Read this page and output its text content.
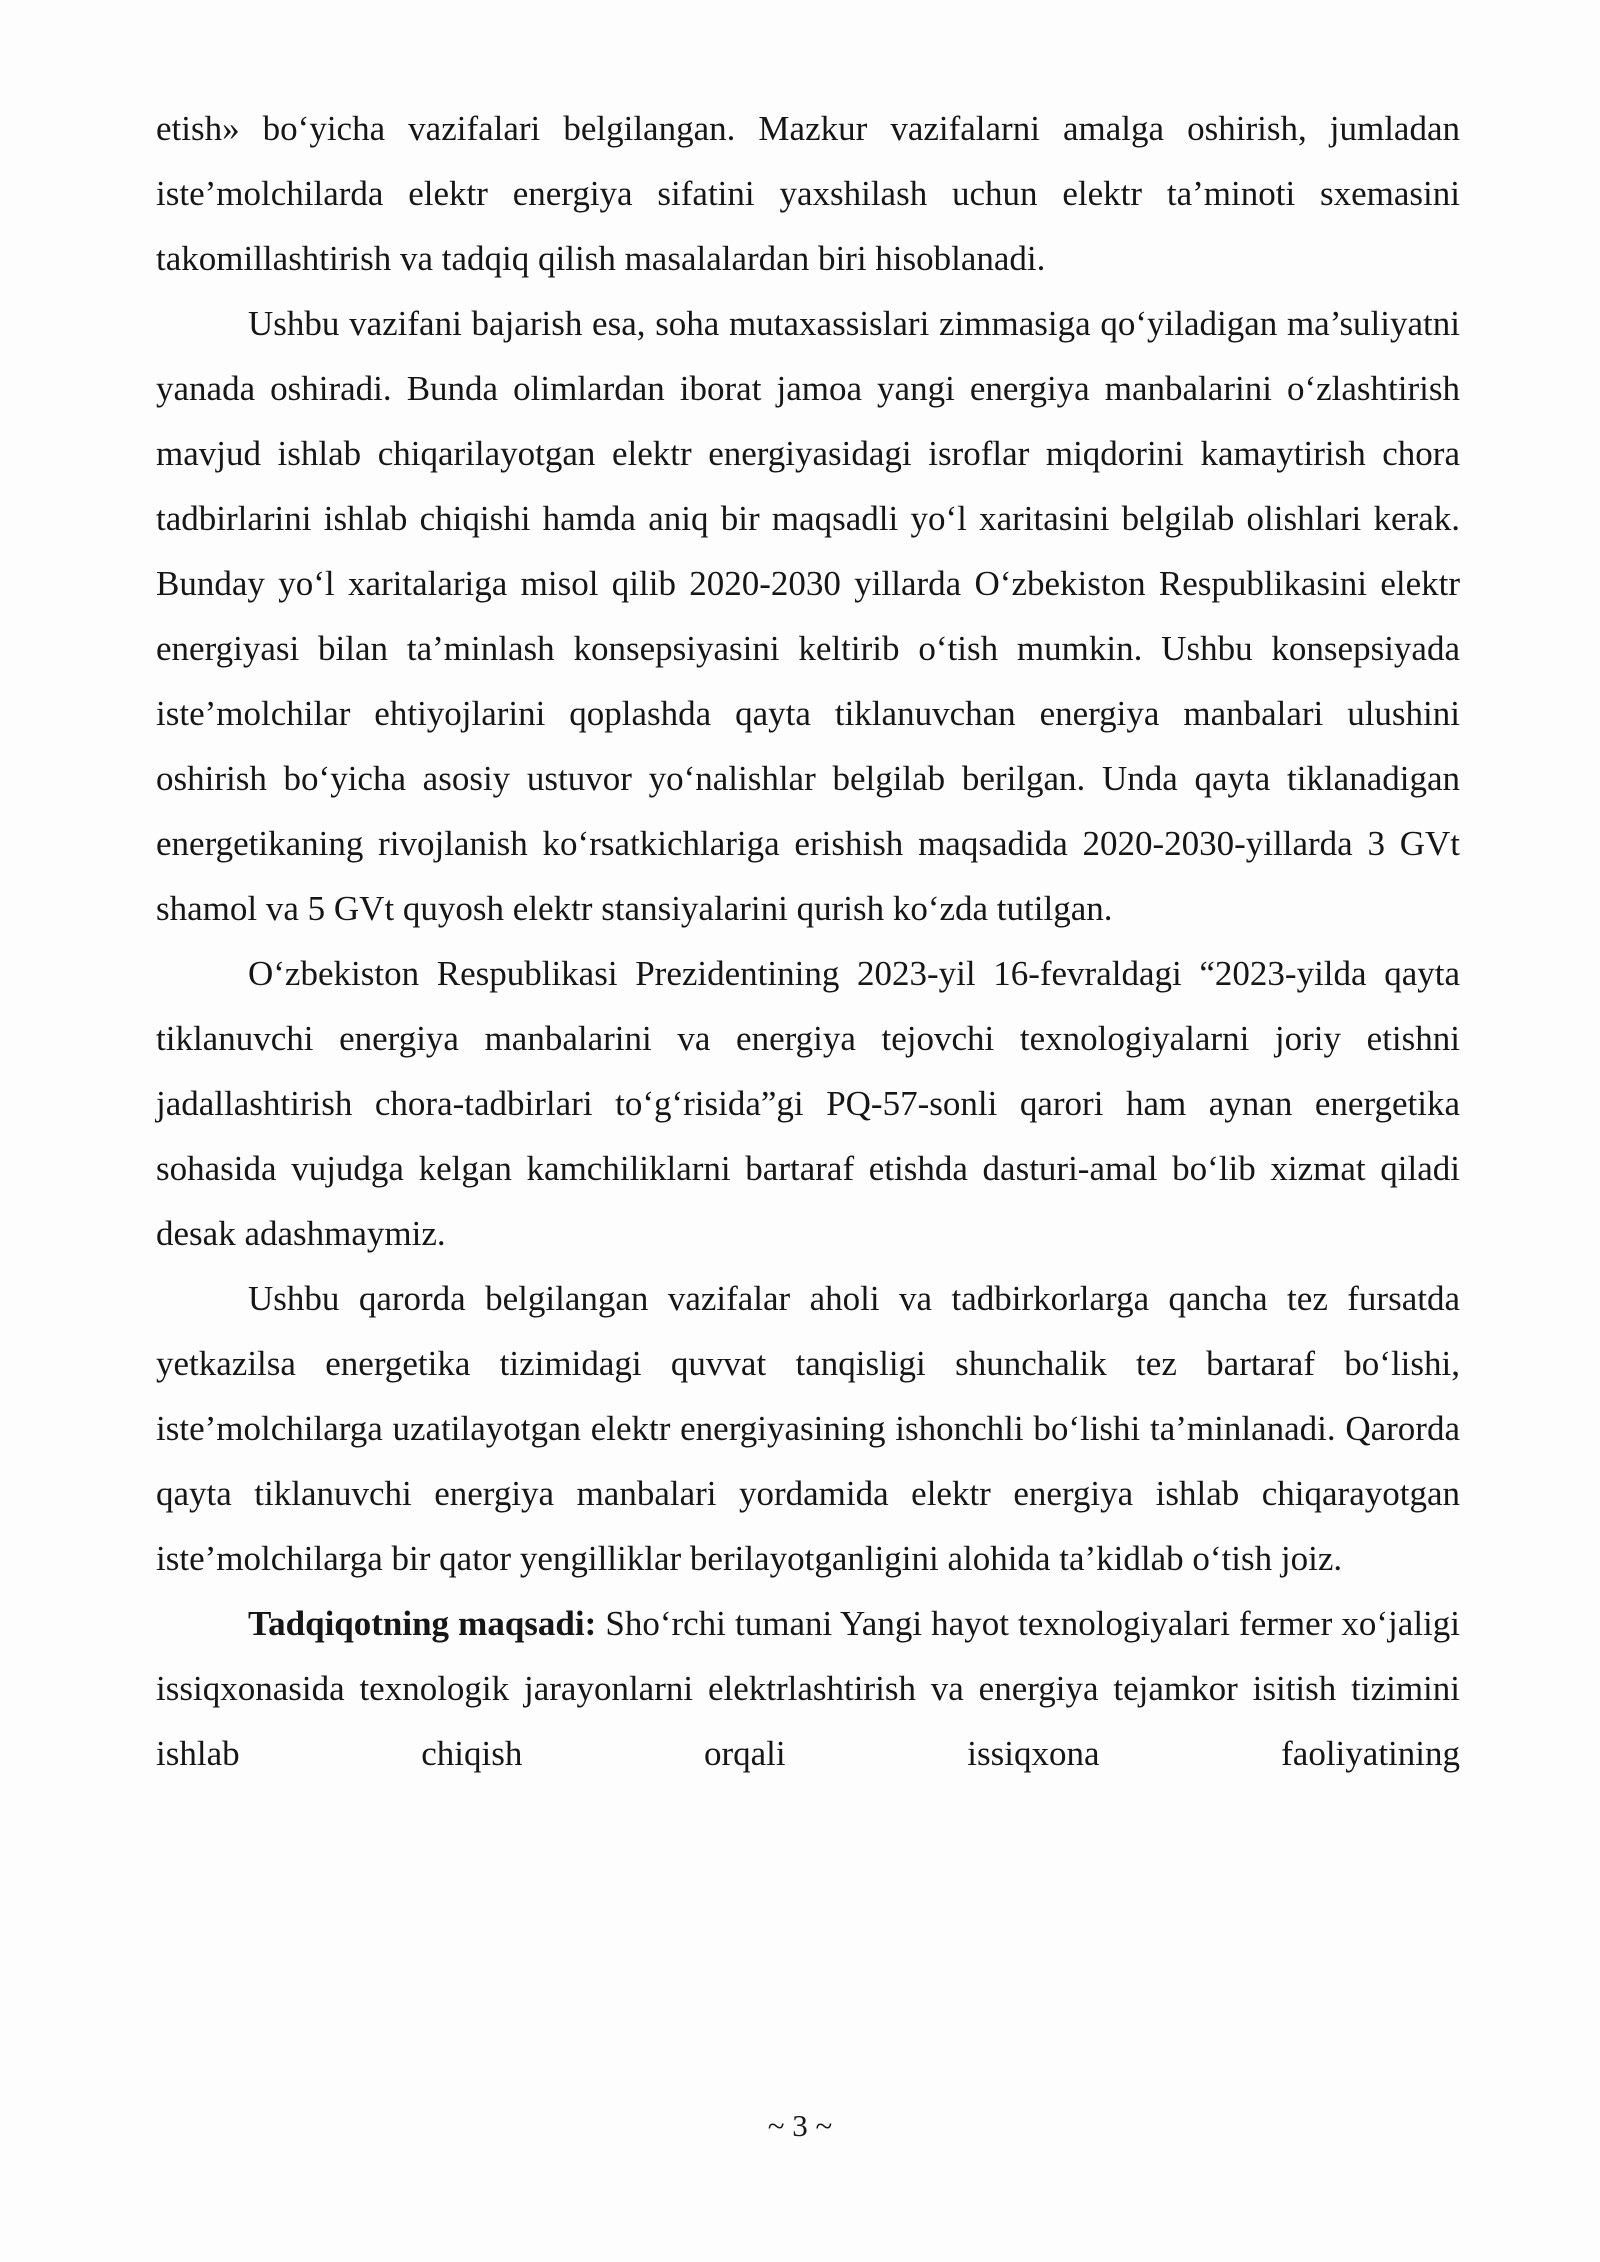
etish» bo‘yicha vazifalari belgilangan. Mazkur vazifalarni amalga oshirish, jumladan iste’molchilarda elektr energiya sifatini yaxshilash uchun elektr ta’minoti sxemasini takomillashtirish va tadqiq qilish masalalardan biri hisoblanadi.

Ushbu vazifani bajarish esa, soha mutaxassislari zimmasiga qo‘yiladigan ma’suliyatni yanada oshiradi. Bunda olimlardan iborat jamoa yangi energiya manbalarini o‘zlashtirish mavjud ishlab chiqarilayotgan elektr energiyasidagi isroflar miqdorini kamaytirish chora tadbirlarini ishlab chiqishi hamda aniq bir maqsadli yo‘l xaritasini belgilab olishlari kerak. Bunday yo‘l xaritalariga misol qilib 2020-2030 yillarda O‘zbekiston Respublikasini elektr energiyasi bilan ta’minlash konsepsiyasini keltirib o‘tish mumkin. Ushbu konsepsiyada iste’molchilar ehtiyojlarini qoplashda qayta tiklanuvchan energiya manbalari ulushini oshirish bo‘yicha asosiy ustuvor yo‘nalishlar belgilab berilgan. Unda qayta tiklanadigan energetikaning rivojlanish ko‘rsatkichlariga erishish maqsadida 2020-2030-yillarda 3 GVt shamol va 5 GVt quyosh elektr stansiyalarini qurish ko‘zda tutilgan.

O‘zbekiston Respublikasi Prezidentining 2023-yil 16-fevraldagi “2023-yilda qayta tiklanuvchi energiya manbalarini va energiya tejovchi texnologiyalarni joriy etishni jadallashtirish chora-tadbirlari to‘g‘risida”gi PQ-57-sonli qarori ham aynan energetika sohasida vujudga kelgan kamchiliklarni bartaraf etishda dasturi-amal bo‘lib xizmat qiladi desak adashmaymiz.

Ushbu qarorda belgilangan vazifalar aholi va tadbirkorlarga qancha tez fursatda yetkazilsa energetika tizimidagi quvvat tanqisligi shunchalik tez bartaraf bo‘lishi, iste’molchilarga uzatilayotgan elektr energiyasining ishonchli bo‘lishi ta’minlanadi. Qarorda qayta tiklanuvchi energiya manbalari yordamida elektr energiya ishlab chiqarayotgan iste’molchilarga bir qator yengilliklar berilayotganligini alohida ta’kidlab o‘tish joiz.

Tadqiqotning maqsadi: Sho‘rchi tumani Yangi hayot texnologiyalari fermer xo‘jaligi issiqxonasida texnologik jarayonlarni elektrlashtirish va energiya tejamkor isitish tizimini ishlab chiqish orqali issiqxona faoliyatining

~ 3 ~
